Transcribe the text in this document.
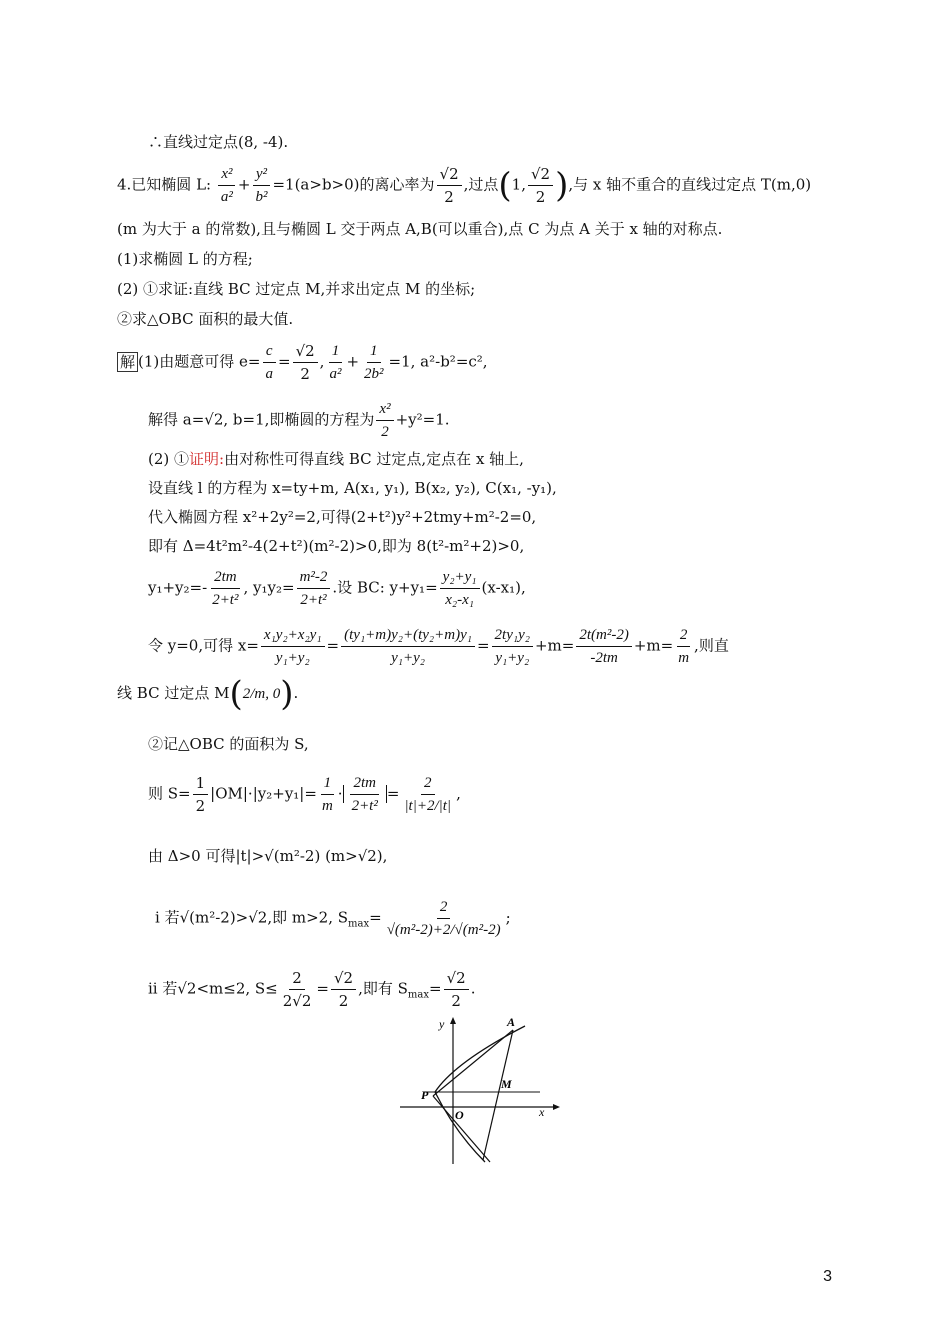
∴直线过定点(8, -4).
4.已知椭圆 L: $\frac{\text{x²}}{\text{a²}} + \frac{\text{y²}}{\text{b²}} =1(a>b>0)$的离心率为 $\frac{√2}{2}$ ,过点(1, $\frac{√2}{2}$ ),与 x 轴不重合的直线过定点 T(m,0)
(m 为大于 a 的常数),且与椭圆 L 交于两点 A,B(可以重合),点 C 为点 A 关于 x 轴的对称点.
(1)求椭圆 L 的方程;
(2) ①求证:直线 BC 过定点 M,并求出定点 M 的坐标;
②求△OBC 面积的最大值.
解 (1)由题意可得 $e= \frac{c}{a} = \frac{√2}{2}$ , $\frac{1}{\text{a²}} + \frac{1}{\text{2b²}} =1$, a²-b²=c²,
解得 a=√2, b=1,即椭圆的方程为 $\frac{\text{x²}}{2} +y^2=1$.
(2) ①证明:由对称性可得直线 BC 过定点,定点在 x 轴上,
设直线 l 的方程为 x=ty+m, A(x₁, y₁), B(x₂, y₂), C(x₁, -y₁),
代入椭圆方程 x²+2y²=2,可得(2+t²)y²+2tmy+m²-2=0,
即有 Δ=4t²m²-4(2+t²)(m²-2)>0,即为 8(t²-m²+2)>0,
$y_1+y_2=- \frac{2tm}{\text{2+t²}}$ , $y_1y_2= \frac{\text{m²-2}}{\text{2+t²}}$ .设 BC: $y+y_1= \frac{\text{y₂+y₁}}{\text{x₂-x₁}} (x-x_1)$,
令 y=0,可得 $x= \frac{\text{x₁y₂+x₂y₁}}{\text{y₁+y₂}} = \frac{\text{(ty₁+m)y₂+(ty₂+m)y₁}}{\text{y₁+y₂}} = \frac{\text{2ty₁y₂}}{\text{y₁+y₂}} +m= \frac{\text{2t(m²-2)}}{-2tm} +m= \frac{2}{m}$ ,则直
线 BC 过定点 M(2/m, 0).
②记△OBC 的面积为 S,
则 $S= \frac{1}{2} |OM|\cdot|y_2+y_1|= \frac{1}{m} \cdot \frac{2tm}{\text{2+t²}} = \frac{2}{|t|+2/|t|}$ ,
由 Δ>0 可得|t|>√(m²-2) (m>√2),
i 若√(m²-2)>√2,即 m>2, $S_{max}= \frac{2}{\text{√(m²-2)+2/√(m²-2)}}$ ;
ii 若√2<m≤2, $S\le \frac{2}{2√2} = \frac{√2}{2}$ ,即有 $S_{max}= \frac{√2}{2}$ .
y
x
A
M
P
O
3
